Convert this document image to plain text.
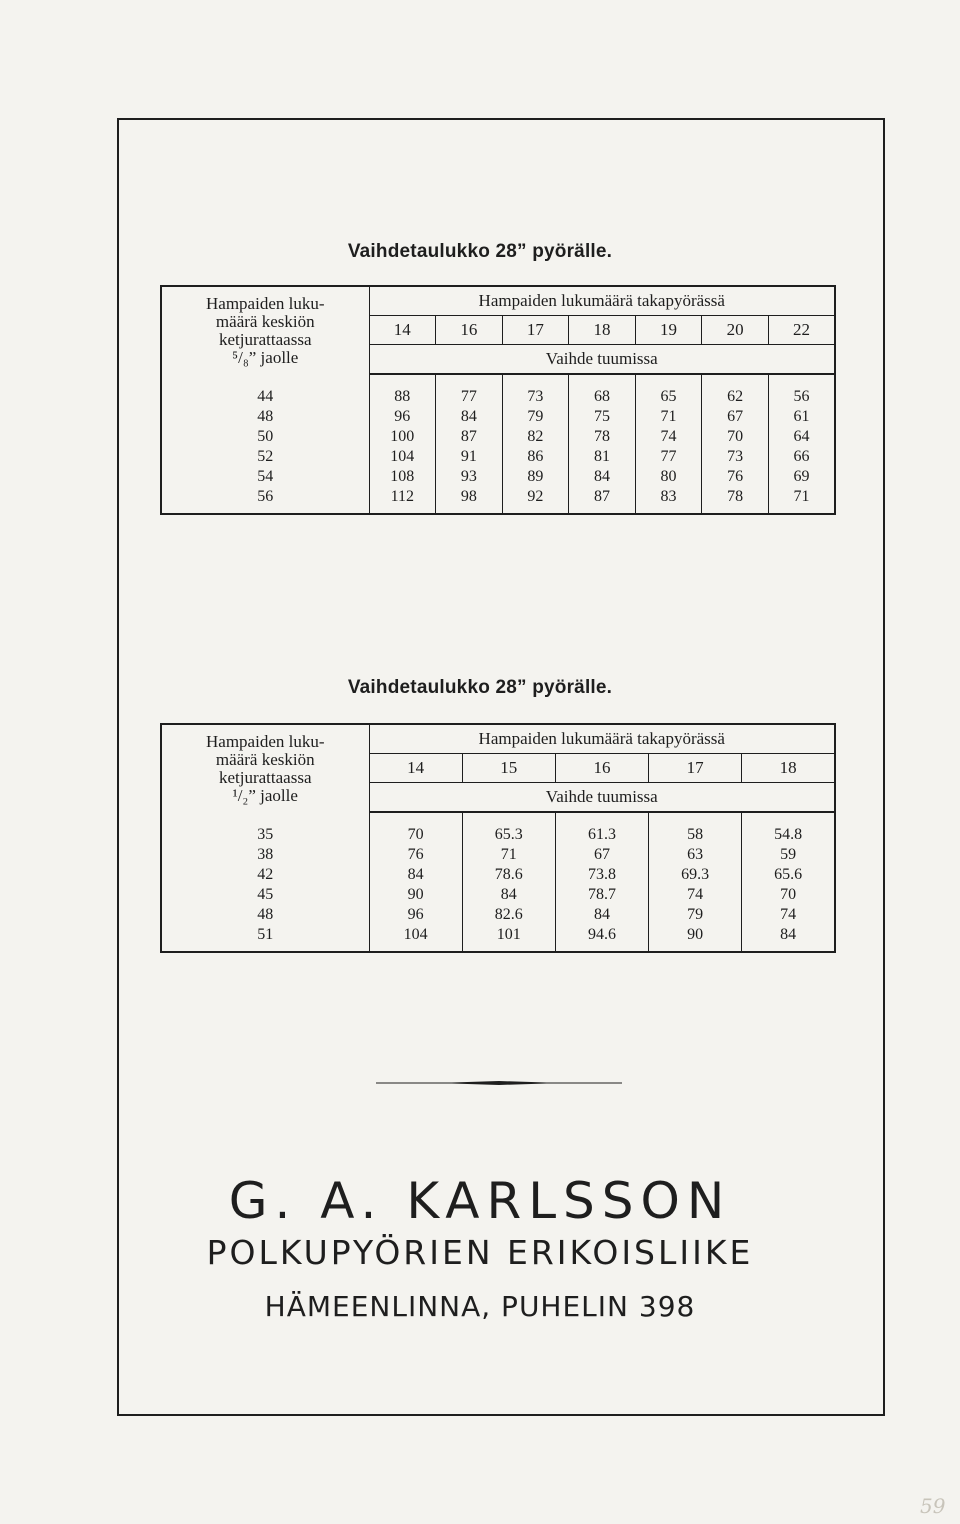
Vaihdetaulukko 28” pyörälle.
Hampaiden luku-
määrä keskiön
ketjurattaassa
⁵/₈” jaolle	Hampaiden lukumäärä takapyörässä						
	14	16	17	18	19	20	22
	Vaihde tuumissa						
44	88	77	73	68	65	62	56
48	96	84	79	75	71	67	61
50	100	87	82	78	74	70	64
52	104	91	86	81	77	73	66
54	108	93	89	84	80	76	69
56	112	98	92	87	83	78	71
Vaihdetaulukko 28” pyörälle.
Hampaiden luku-
määrä keskiön
ketjurattaassa
¹/₂” jaolle	Hampaiden lukumäärä takapyörässä				
	14	15	16	17	18
	Vaihde tuumissa				
35	70	65.3	61.3	58	54.8
38	76	71	67	63	59
42	84	78.6	73.8	69.3	65.6
45	90	84	78.7	74	70
48	96	82.6	84	79	74
51	104	101	94.6	90	84
G. A. KARLSSON
POLKUPYÖRIEN ERIKOISLIIKE
HÄMEENLINNA, PUHELIN 398
59
